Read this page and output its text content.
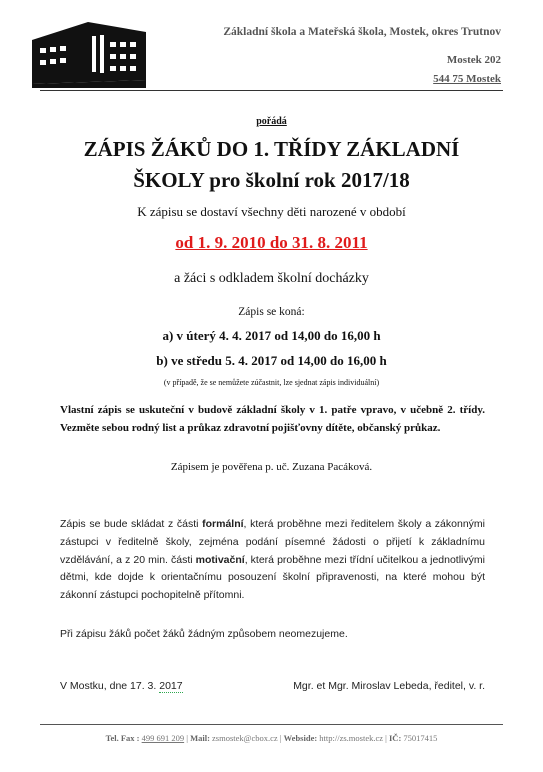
Základní škola a Mateřská škola, Mostek, okres Trutnov
Mostek 202
544 75 Mostek
pořádá
ZÁPIS ŽÁKŮ DO 1. TŘÍDY ZÁKLADNÍ
ŠKOLY pro školní rok 2017/18
K zápisu se dostaví všechny děti narozené v období
od 1. 9. 2010 do 31. 8. 2011
a žáci s odkladem školní docházky
Zápis se koná:
a) v úterý 4. 4. 2017 od 14,00 do 16,00 h
b) ve středu 5. 4. 2017 od 14,00 do 16,00 h
(v případě, že se nemůžete zúčastnit, lze sjednat zápis individuální)
Vlastní zápis se uskuteční v budově základní školy v 1. patře vpravo, v učebně 2. třídy. Vezměte sebou rodný list a průkaz zdravotní pojišťovny dítěte, občanský průkaz.
Zápisem je pověřena p. uč. Zuzana Pacáková.
Zápis se bude skládat z části formální, která proběhne mezi ředitelem školy a zákonnými zástupci v ředitelně školy, zejména podání písemné žádosti o přijetí k základnímu vzdělávání, a z 20 min. části motivační, která proběhne mezi třídní učitelkou a jednotlivými dětmi, kde dojde k orientačnímu posouzení školní připravenosti, na které mohou být zákonní zástupci pochopitelně přítomni.
Při zápisu žáků počet žáků žádným způsobem neomezujeme.
V Mostku, dne 17. 3. 2017	Mgr. et Mgr. Miroslav Lebeda, ředitel, v. r.
Tel. Fax : 499 691 209 | Mail: zsmostek@cbox.cz | Webside: http://zs.mostek.cz | IČ: 75017415
